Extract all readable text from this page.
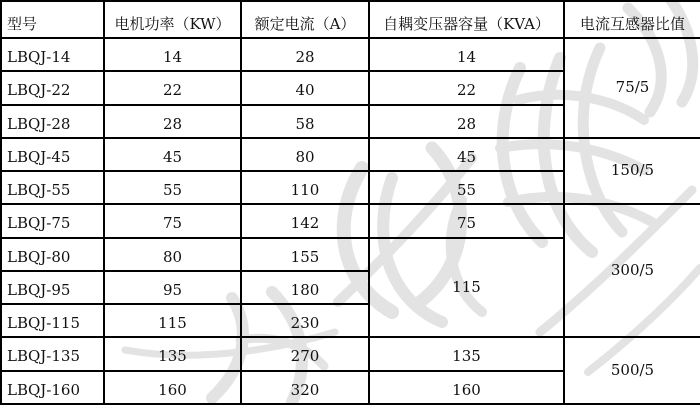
型号	电机功率（KW）	额定电流（A）	自耦变压器容量（KVA）	电流互感器比值
LBQJ-14	14	28	14	75/5
LBQJ-22	22	40	22	
LBQJ-28	28	58	28	
LBQJ-45	45	80	45	150/5
LBQJ-55	55	110	55	
LBQJ-75	75	142	75	300/5
LBQJ-80	80	155	115	
LBQJ-95	95	180		
LBQJ-115	115	230		
LBQJ-135	135	270	135	500/5
LBQJ-160	160	320	160	
